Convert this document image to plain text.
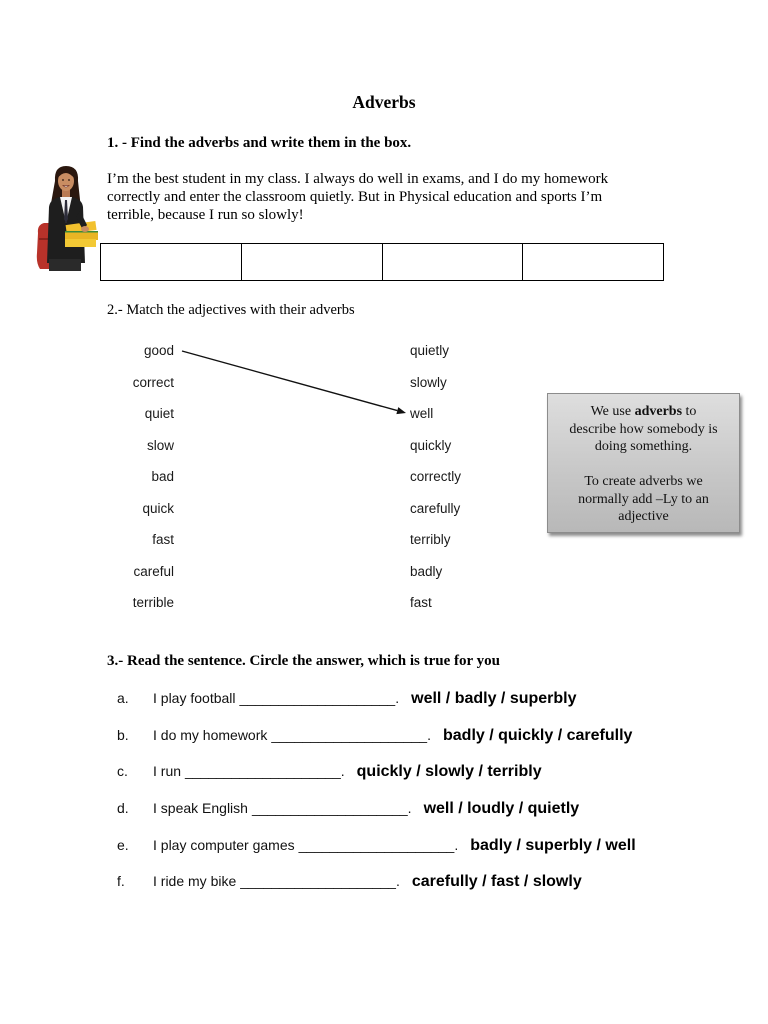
Adverbs
1. - Find the adverbs and write them in the box.
I’m the best student in my class. I always do well in exams, and I do my homework
correctly and enter the classroom quietly. But in Physical education and sports I’m
terrible, because I run so slowly!
2.- Match the adjectives with their adverbs
good
correct
quiet
slow
bad
quick
fast
careful
terrible
quietly
slowly
well
quickly
correctly
carefully
terribly
badly
fast
We use adverbs to
describe how somebody is
doing something.
To create adverbs we
normally add –Ly to an
adjective
3.- Read the sentence. Circle the answer, which is true for you
a. I play football ____________________. well / badly / superbly
b. I do my homework ____________________. badly / quickly / carefully
c. I run ____________________. quickly / slowly / terribly
d. I speak English ____________________. well / loudly / quietly
e. I play computer games ____________________. badly / superbly / well
f. I ride my bike ____________________. carefully / fast / slowly
